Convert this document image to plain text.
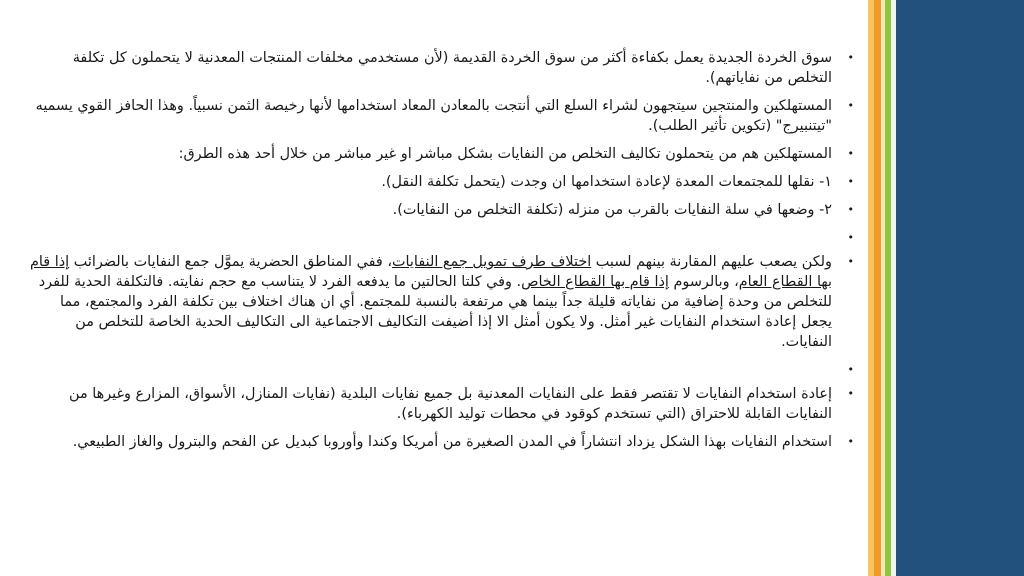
•
سوق الخردة الجديدة يعمل بكفاءة أكثر من سوق الخردة القديمة (لأن مستخدمي مخلفات المنتجات المعدنية لا يتحملون كل تكلفة التخلص من نفاياتهم).
•
المستهلكين والمنتجين سيتجهون لشراء السلع التي أنتجت بالمعادن المعاد استخدامها لأنها رخيصة الثمن نسبياً. وهذا الحافز القوي يسميه "تيتنبيرج" (تكوين تأثير الطلب).
•
المستهلكين هم من يتحملون تكاليف التخلص من النفايات بشكل مباشر او غير مباشر من خلال أحد هذه الطرق:
•
١- نقلها للمجتمعات المعدة لإعادة استخدامها ان وجدت (يتحمل تكلفة النقل).
•
٢- وضعها في سلة النفايات بالقرب من منزله (تكلفة التخلص من النفايات).
•
•
ولكن يصعب عليهم المقارنة بينهم لسبب اختلاف طرف تمويل جمع النفايات، ففي المناطق الحضرية يموَّل جمع النفايات بالضرائب إذا قام بها القطاع العام، وبالرسوم إذا قام بها القطاع الخاص. وفي كلتا الحالتين ما يدفعه الفرد لا يتناسب مع حجم نفايته. فالتكلفة الحدية للفرد للتخلص من وحدة إضافية من نفاياته قليلة جداً بينما هي مرتفعة بالنسبة للمجتمع. أي ان هناك اختلاف بين تكلفة الفرد والمجتمع، مما يجعل إعادة استخدام النفايات غير أمثل. ولا يكون أمثل الا إذا أضيفت التكاليف الاجتماعية الى التكاليف الحدية الخاصة للتخلص من النفايات.
•
•
إعادة استخدام النفايات لا تقتصر فقط على النفايات المعدنية بل جميع نفايات البلدية (نفايات المنازل، الأسواق، المزارع وغيرها من النفايات القابلة للاحتراق (التي تستخدم كوقود في محطات توليد الكهرباء).
•
استخدام النفايات بهذا الشكل يزداد انتشاراً في المدن الصغيرة من أمريكا وكندا وأوروبا كبديل عن الفحم والبترول والغاز الطبيعي.
